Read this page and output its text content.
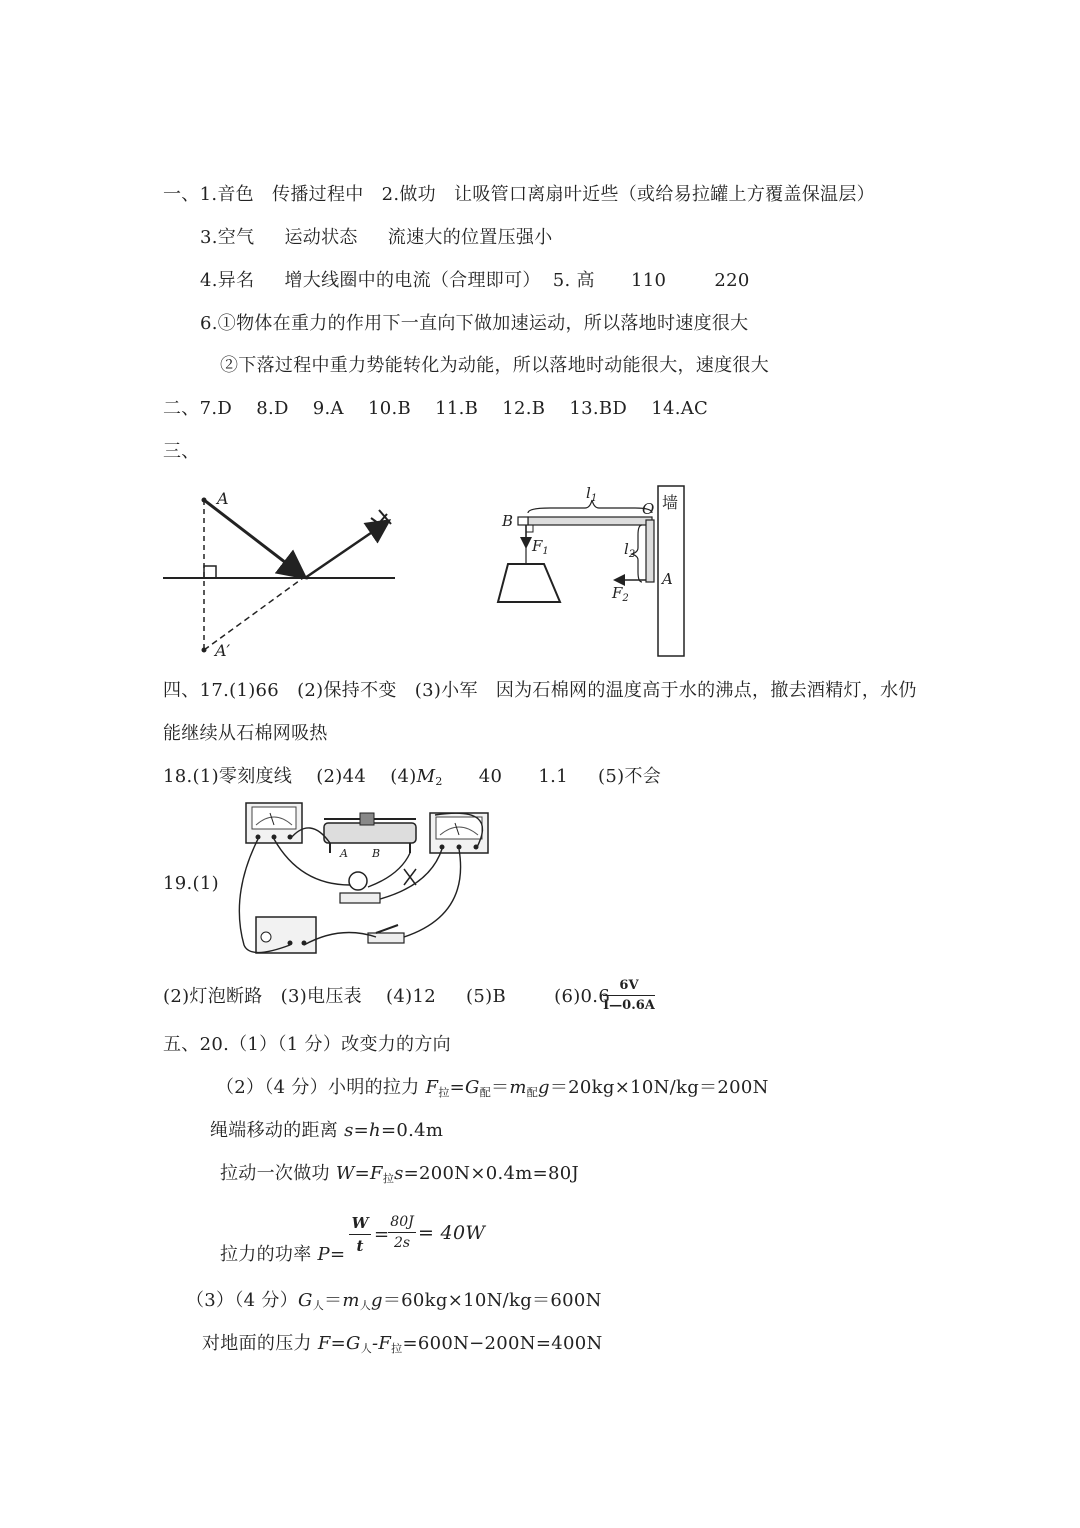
一、1.音色   传播过程中   2.做功   让吸管口离扇叶近些（或给易拉罐上方覆盖保温层）
3.空气     运动状态     流速大的位置压强小
4.异名     增大线圈中的电流（合理即可）  5. 高      110        220
6.①物体在重力的作用下一直向下做加速运动，所以落地时速度很大
②下落过程中重力势能转化为动能，所以落地时动能很大，速度很大
二、7.D    8.D    9.A    10.B    11.B    12.B    13.BD    14.AC
三、
A
A′
墙
$l_1$
$l_2$
$F_1$
$F_2$
B
O
A
四、17.(1)66   (2)保持不变   (3)小军   因为石棉网的温度高于水的沸点，撤去酒精灯，水仍
能继续从石棉网吸热
18.(1)零刻度线    (2)44    $(4)M_2$      40      1.1     (5)不会
19.(1)
A B
(2)灯泡断路   (3)电压表    (4)12     (5)B        (6)0.6
6V
I—0.6A
五、20.（1）（1 分）改变力的方向
（2）（4 分）小明的拉力 $F_拉=G_配=m_配g=20kg\times 10N/kg=200N$
绳端移动的距离 s=h=0.4m
拉动一次做功 $W=F_拉s=200N\times 0.4m=80J$
拉力的功率 P=
W
t
=
80J
2s = 40W
（3）（4 分）$G_人=m_人g=60kg\times 10N/kg=600N$
对地面的压力 $F=G_人-F_拉=600N-200N=400N$
